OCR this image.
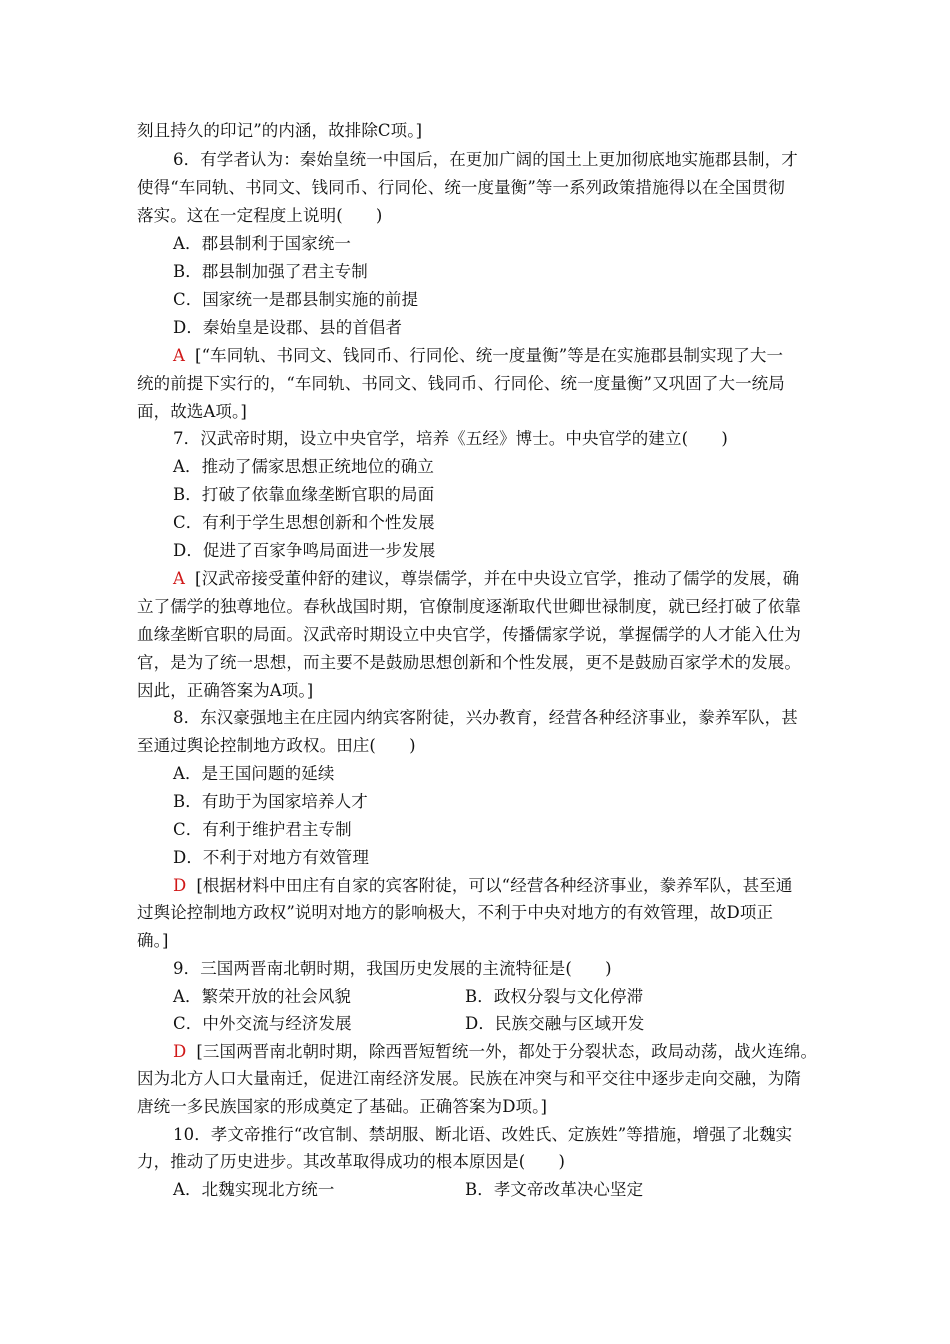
刻且持久的印记”的内涵，故排除C项。]
6．有学者认为：秦始皇统一中国后，在更加广阔的国土上更加彻底地实施郡县制，才
使得“车同轨、书同文、钱同币、行同伦、统一度量衡”等一系列政策措施得以在全国贯彻
落实。这在一定程度上说明(　　)
A．郡县制利于国家统一
B．郡县制加强了君主专制
C．国家统一是郡县制实施的前提
D．秦始皇是设郡、县的首倡者
A [“车同轨、书同文、钱同币、行同伦、统一度量衡”等是在实施郡县制实现了大一
统的前提下实行的，“车同轨、书同文、钱同币、行同伦、统一度量衡”又巩固了大一统局
面，故选A项。]
7．汉武帝时期，设立中央官学，培养《五经》博士。中央官学的建立(　　)
A．推动了儒家思想正统地位的确立
B．打破了依靠血缘垄断官职的局面
C．有利于学生思想创新和个性发展
D．促进了百家争鸣局面进一步发展
A [汉武帝接受董仲舒的建议，尊崇儒学，并在中央设立官学，推动了儒学的发展，确
立了儒学的独尊地位。春秋战国时期，官僚制度逐渐取代世卿世禄制度，就已经打破了依靠
血缘垄断官职的局面。汉武帝时期设立中央官学，传播儒家学说，掌握儒学的人才能入仕为
官，是为了统一思想，而主要不是鼓励思想创新和个性发展，更不是鼓励百家学术的发展。
因此，正确答案为A项。]
8．东汉豪强地主在庄园内纳宾客附徒，兴办教育，经营各种经济事业，豢养军队，甚
至通过舆论控制地方政权。田庄(　　)
A．是王国问题的延续
B．有助于为国家培养人才
C．有利于维护君主专制
D．不利于对地方有效管理
D [根据材料中田庄有自家的宾客附徒，可以“经营各种经济事业，豢养军队，甚至通
过舆论控制地方政权”说明对地方的影响极大，不利于中央对地方的有效管理，故D项正
确。]
9．三国两晋南北朝时期，我国历史发展的主流特征是(　　)
A．繁荣开放的社会风貌	B．政权分裂与文化停滞
C．中外交流与经济发展	D．民族交融与区域开发
D [三国两晋南北朝时期，除西晋短暂统一外，都处于分裂状态，政局动荡，战火连绵。
因为北方人口大量南迁，促进江南经济发展。民族在冲突与和平交往中逐步走向交融，为隋
唐统一多民族国家的形成奠定了基础。正确答案为D项。]
10．孝文帝推行“改官制、禁胡服、断北语、改姓氏、定族姓”等措施，增强了北魏实
力，推动了历史进步。其改革取得成功的根本原因是(　　)
A．北魏实现北方统一	B．孝文帝改革决心坚定
